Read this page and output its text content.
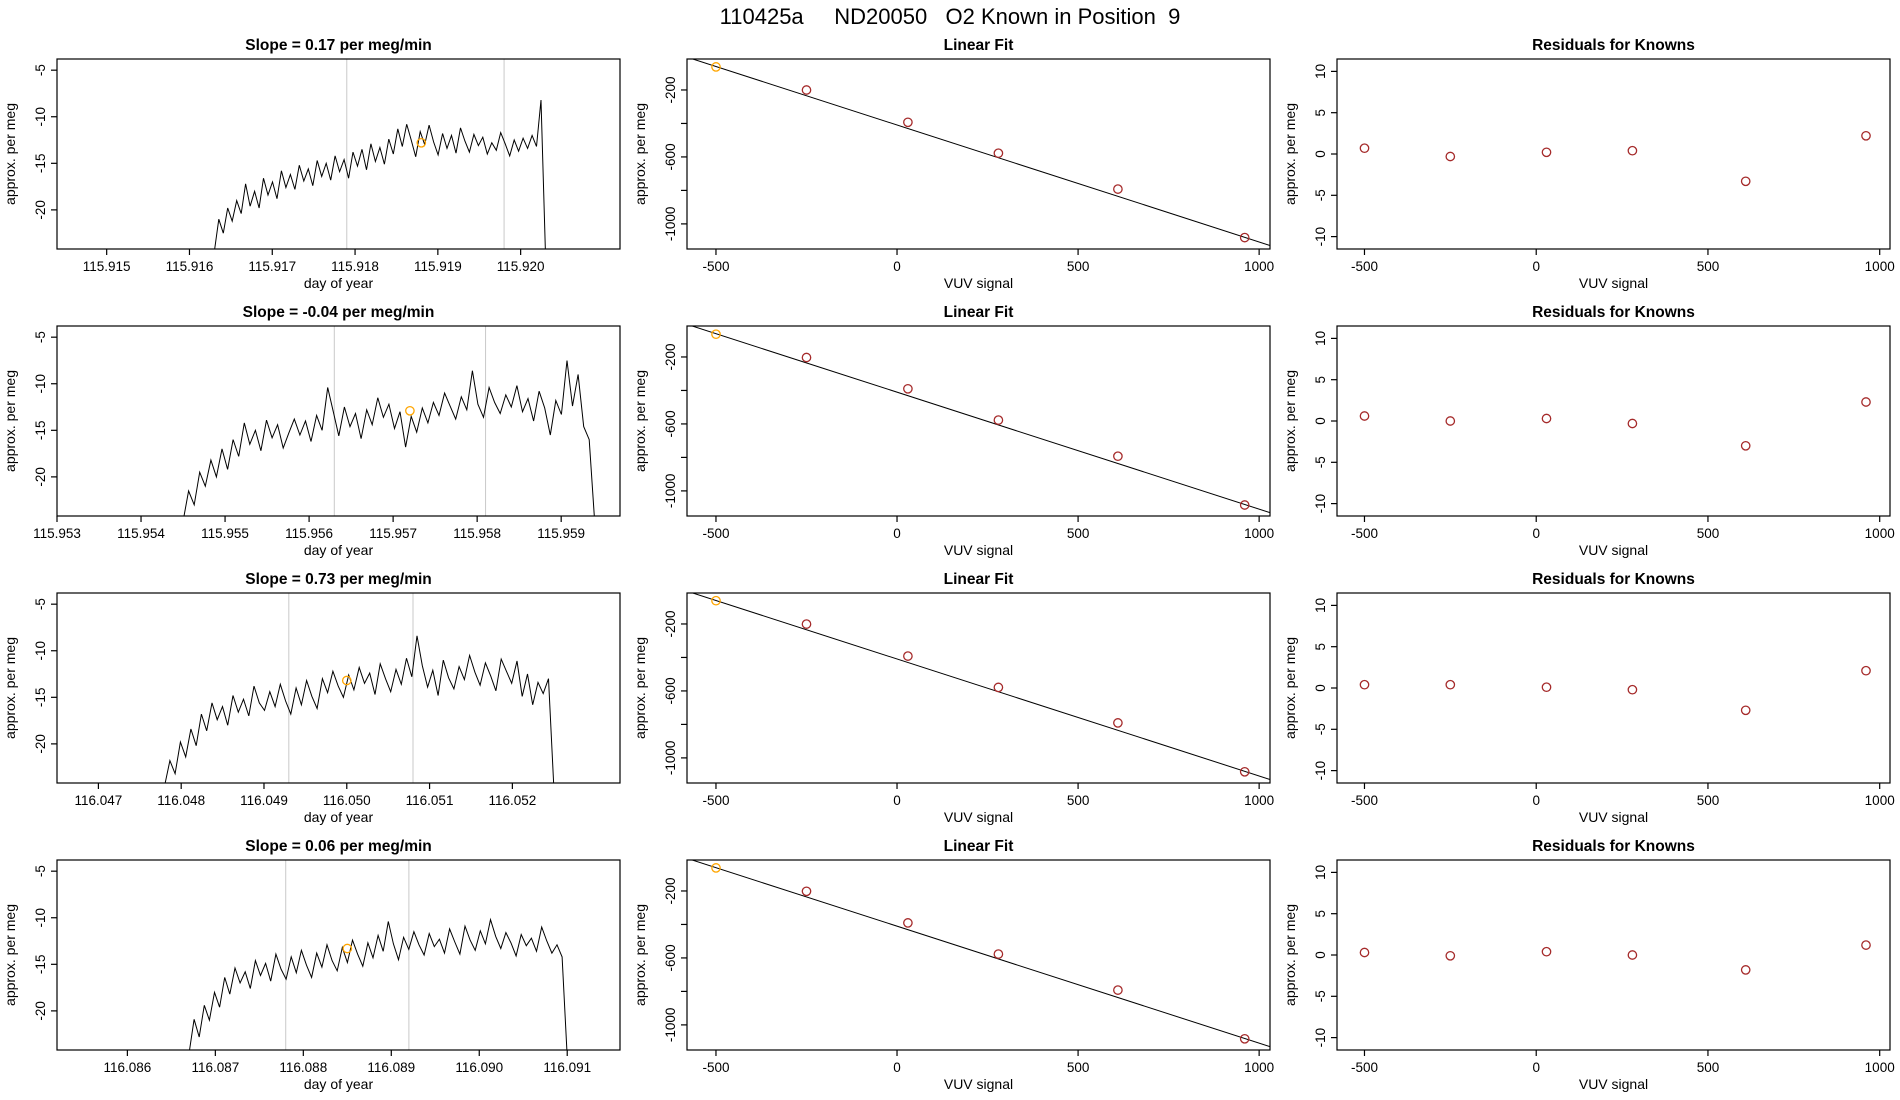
110425a     ND20050   O2 Known in Position  9
115.915	115.916	115.917	115.918	115.919	115.920
day of year
-20
-15
-10
-5
approx. per meg
Slope = 0.17 per meg/min
-500	0	500	1000
VUV signal
-1000
-600
-200
approx. per meg
Linear Fit
-500	0	500	1000
VUV signal
-10
-5
0
5
10
approx. per meg
Residuals for Knowns
115.953	115.954	115.955	115.956	115.957	115.958	115.959
day of year
-20
-15
-10
-5
approx. per meg
Slope = -0.04 per meg/min
-500	0	500	1000
VUV signal
-1000
-600
-200
approx. per meg
Linear Fit
-500	0	500	1000
VUV signal
-10
-5
0
5
10
approx. per meg
Residuals for Knowns
116.047	116.048	116.049	116.050	116.051	116.052
day of year
-20
-15
-10
-5
approx. per meg
Slope = 0.73 per meg/min
-500	0	500	1000
VUV signal
-1000
-600
-200
approx. per meg
Linear Fit
-500	0	500	1000
VUV signal
-10
-5
0
5
10
approx. per meg
Residuals for Knowns
116.086	116.087	116.088	116.089	116.090	116.091
day of year
-20
-15
-10
-5
approx. per meg
Slope = 0.06 per meg/min
-500	0	500	1000
VUV signal
-1000
-600
-200
approx. per meg
Linear Fit
-500	0	500	1000
VUV signal
-10
-5
0
5
10
approx. per meg
Residuals for Knowns
